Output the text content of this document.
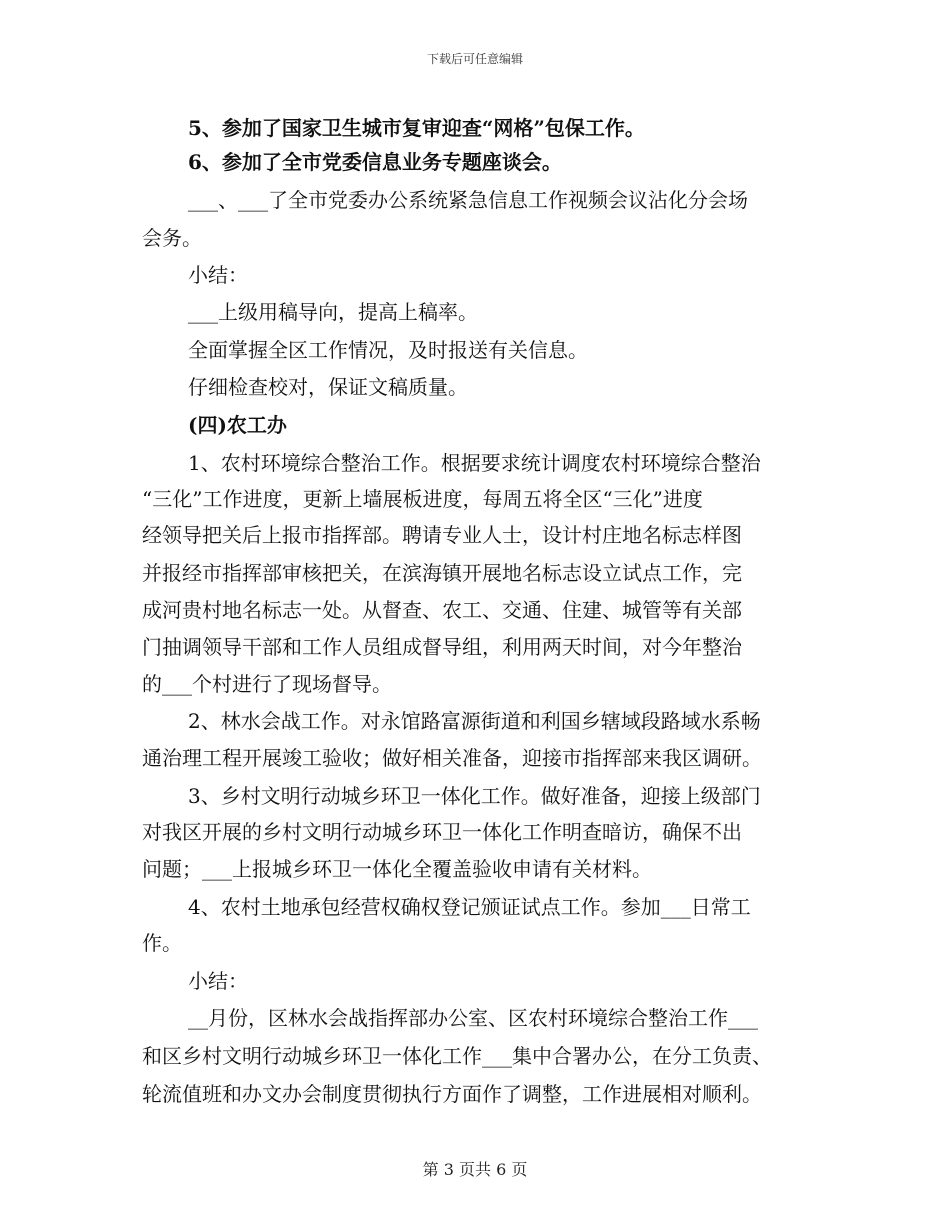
下载后可任意编辑
5、参加了国家卫生城市复审迎查“网格”包保工作。
6、参加了全市党委信息业务专题座谈会。
___、___了全市党委办公系统紧急信息工作视频会议沾化分会场
会务。
小结：
___上级用稿导向，提高上稿率。
全面掌握全区工作情况，及时报送有关信息。
仔细检查校对，保证文稿质量。
(四)农工办
1、农村环境综合整治工作。根据要求统计调度农村环境综合整治
“三化”工作进度，更新上墙展板进度，每周五将全区“三化”进度
经领导把关后上报市指挥部。聘请专业人士，设计村庄地名标志样图
并报经市指挥部审核把关，在滨海镇开展地名标志设立试点工作，完
成河贵村地名标志一处。从督查、农工、交通、住建、城管等有关部
门抽调领导干部和工作人员组成督导组，利用两天时间，对今年整治
的___个村进行了现场督导。
2、林水会战工作。对永馆路富源街道和利国乡辖域段路域水系畅
通治理工程开展竣工验收；做好相关准备，迎接市指挥部来我区调研。
3、乡村文明行动城乡环卫一体化工作。做好准备，迎接上级部门
对我区开展的乡村文明行动城乡环卫一体化工作明查暗访，确保不出
问题；___上报城乡环卫一体化全覆盖验收申请有关材料。
4、农村土地承包经营权确权登记颁证试点工作。参加___日常工
作。
小结：
__月份，区林水会战指挥部办公室、区农村环境综合整治工作___
和区乡村文明行动城乡环卫一体化工作___集中合署办公，在分工负责、
轮流值班和办文办会制度贯彻执行方面作了调整，工作进展相对顺利。
第 3 页共 6 页
